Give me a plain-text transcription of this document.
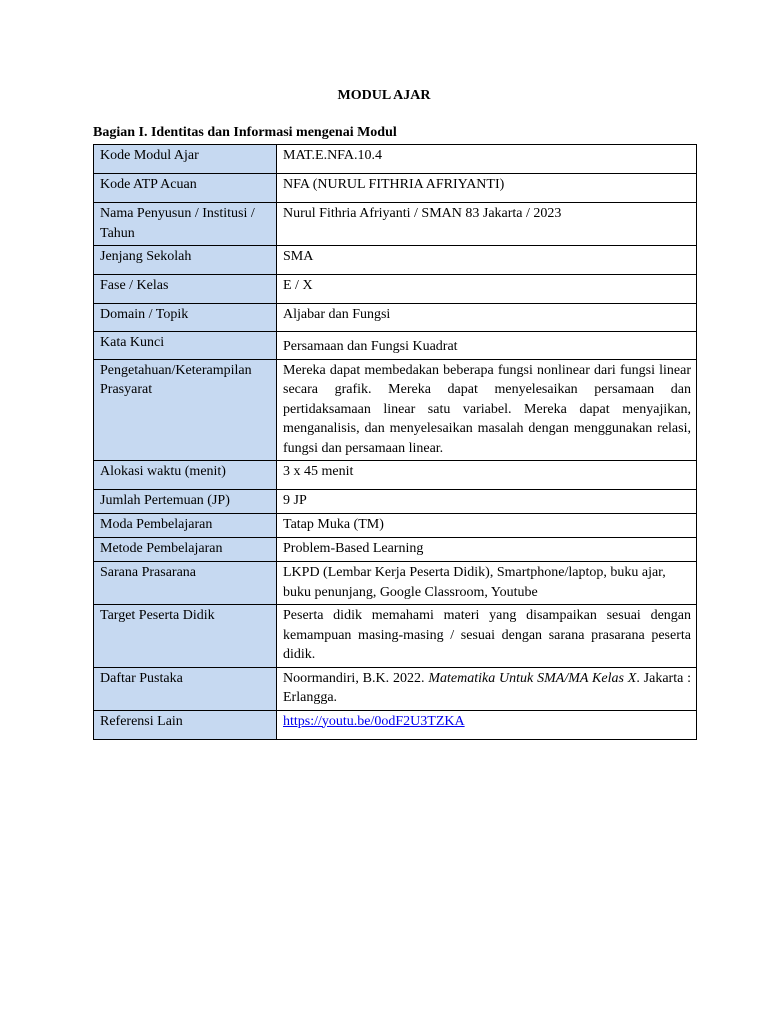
MODUL AJAR
Bagian I. Identitas dan Informasi mengenai Modul
Kode Modul Ajar	MAT.E.NFA.10.4
Kode ATP Acuan	NFA (NURUL FITHRIA AFRIYANTI)
Nama Penyusun / Institusi / Tahun	Nurul Fithria Afriyanti / SMAN 83 Jakarta / 2023
Jenjang Sekolah	SMA
Fase / Kelas	E / X
Domain / Topik	Aljabar dan Fungsi
Kata Kunci	Persamaan dan Fungsi Kuadrat

Pengetahuan/Keterampilan Prasyarat	Mereka dapat membedakan beberapa fungsi nonlinear dari fungsi linear secara grafik. Mereka dapat menyelesaikan persamaan dan pertidaksamaan linear satu variabel. Mereka dapat menyajikan, menganalisis, dan menyelesaikan masalah dengan menggunakan relasi, fungsi dan persamaan linear.
Alokasi waktu (menit)	3 x 45 menit
Jumlah Pertemuan (JP)	9 JP
Moda Pembelajaran	Tatap Muka (TM)
Metode Pembelajaran	Problem-Based Learning
Sarana Prasarana	LKPD (Lembar Kerja Peserta Didik), Smartphone/laptop, buku ajar, buku penunjang, Google Classroom, Youtube
Target Peserta Didik	Peserta didik memahami materi yang disampaikan sesuai dengan kemampuan masing-masing / sesuai dengan sarana prasarana peserta didik.
Daftar Pustaka	Noormandiri, B.K. 2022. Matematika Untuk SMA/MA Kelas X. Jakarta : Erlangga.
Referensi Lain	https://youtu.be/0odF2U3TZKA
